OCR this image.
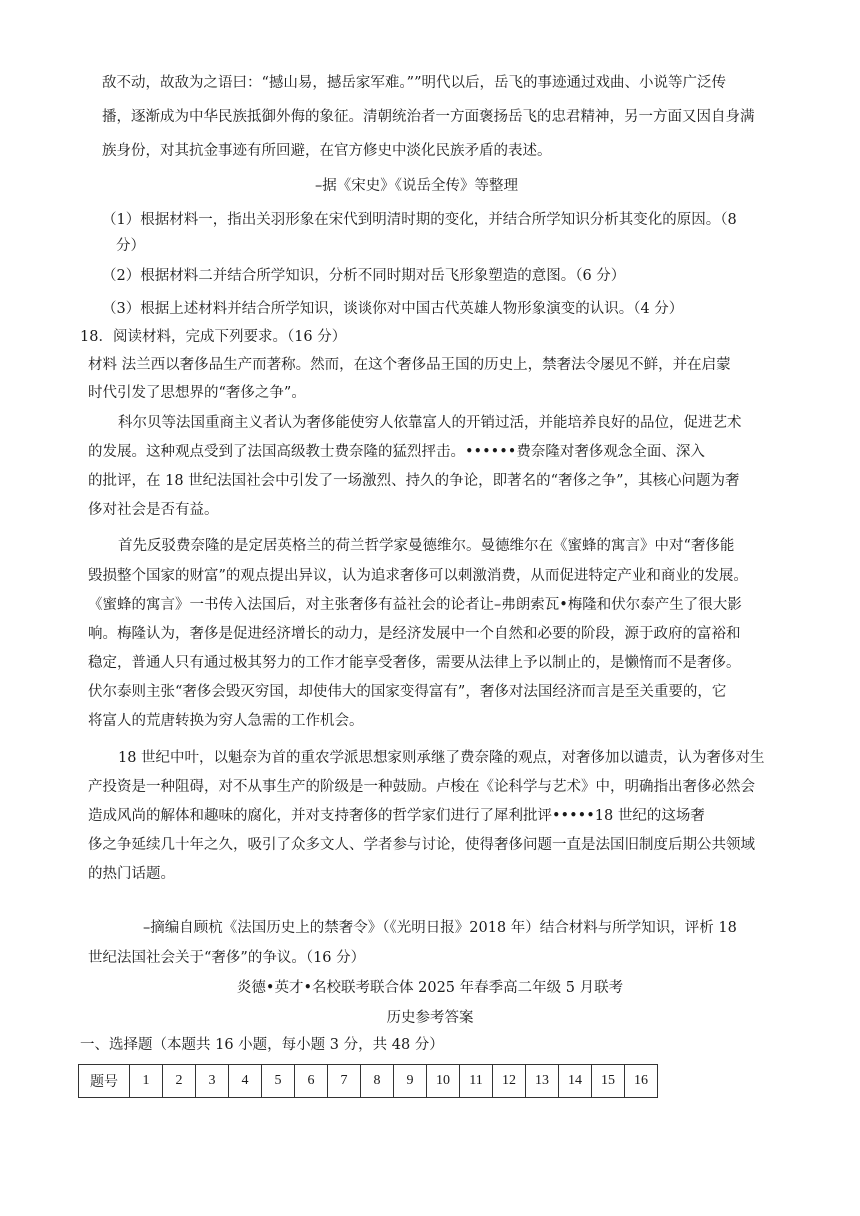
敌不动，故敌为之语曰：“撼山易，撼岳家军难。””明代以后，岳飞的事迹通过戏曲、小说等广泛传
播，逐渐成为中华民族抵御外侮的象征。清朝统治者一方面褒扬岳飞的忠君精神，另一方面又因自身满
族身份，对其抗金事迹有所回避，在官方修史中淡化民族矛盾的表述。
–据《宋史》《说岳全传》等整理
（1）根据材料一，指出关羽形象在宋代到明清时期的变化，并结合所学知识分析其变化的原因。（8
分）
（2）根据材料二并结合所学知识，分析不同时期对岳飞形象塑造的意图。（6 分）
（3）根据上述材料并结合所学知识，谈谈你对中国古代英雄人物形象演变的认识。（4 分）
18．阅读材料，完成下列要求。（16 分）
材料 法兰西以奢侈品生产而著称。然而，在这个奢侈品王国的历史上，禁奢法令屡见不鲜，并在启蒙
时代引发了思想界的“奢侈之争”。
科尔贝等法国重商主义者认为奢侈能使穷人依靠富人的开销过活，并能培养良好的品位，促进艺术
的发展。这种观点受到了法国高级教士费奈隆的猛烈抨击。••••••费奈隆对奢侈观念全面、深入
的批评，在 18 世纪法国社会中引发了一场激烈、持久的争论，即著名的“奢侈之争”，其核心问题为奢
侈对社会是否有益。
首先反驳费奈隆的是定居英格兰的荷兰哲学家曼德维尔。曼德维尔在《蜜蜂的寓言》中对“奢侈能
毁损整个国家的财富”的观点提出异议，认为追求奢侈可以刺激消费，从而促进特定产业和商业的发展。
《蜜蜂的寓言》一书传入法国后，对主张奢侈有益社会的论者让–弗朗索瓦•梅隆和伏尔泰产生了很大影
响。梅隆认为，奢侈是促进经济增长的动力，是经济发展中一个自然和必要的阶段，源于政府的富裕和
稳定，普通人只有通过极其努力的工作才能享受奢侈，需要从法律上予以制止的，是懒惰而不是奢侈。
伏尔泰则主张“奢侈会毁灭穷国，却使伟大的国家变得富有”，奢侈对法国经济而言是至关重要的，它
将富人的荒唐转换为穷人急需的工作机会。
18 世纪中叶，以魁奈为首的重农学派思想家则承继了费奈隆的观点，对奢侈加以谴责，认为奢侈对生
产投资是一种阻碍，对不从事生产的阶级是一种鼓励。卢梭在《论科学与艺术》中，明确指出奢侈必然会
造成风尚的解体和趣味的腐化，并对支持奢侈的哲学家们进行了犀利批评•••••18 世纪的这场奢
侈之争延续几十年之久，吸引了众多文人、学者参与讨论，使得奢侈问题一直是法国旧制度后期公共领域
的热门话题。
–摘编自顾杭《法国历史上的禁奢令》（《光明日报》2018 年）结合材料与所学知识，评析 18
世纪法国社会关于“奢侈”的争议。（16 分）
炎德•英才•名校联考联合体 2025 年春季高二年级 5 月联考
历史参考答案
一、选择题（本题共 16 小题，每小题 3 分，共 48 分）
题号	1	2	3	4	5	6	7	8	9	10	11	12	13	14	15	16
